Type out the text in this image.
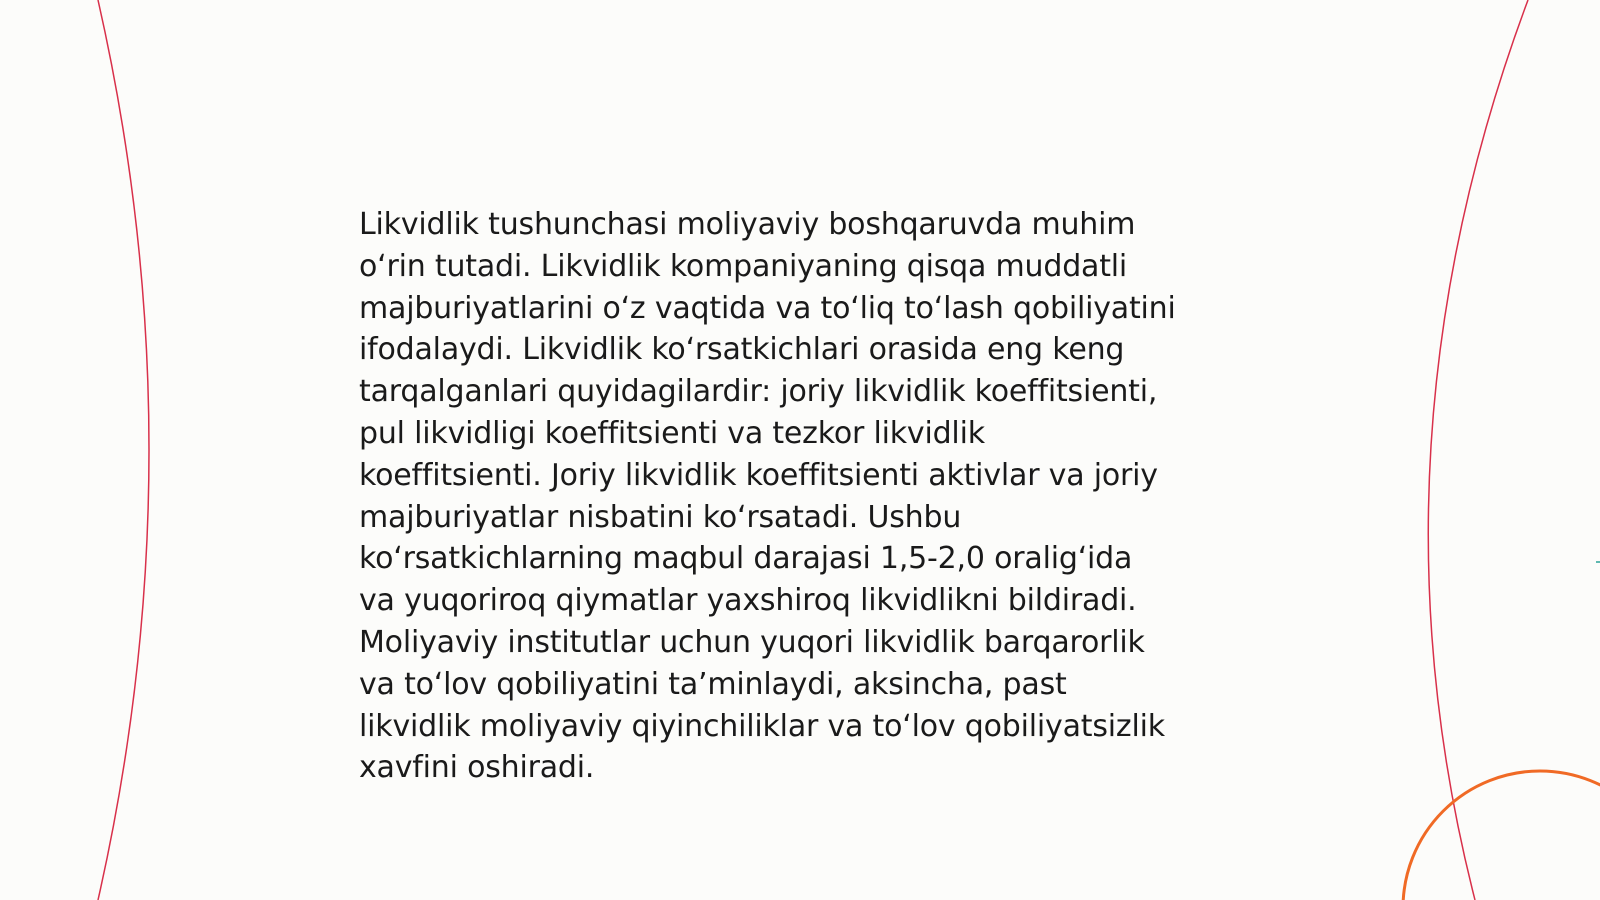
Likvidlik tushunchasi moliyaviy boshqaruvda muhim
o‘rin tutadi. Likvidlik kompaniyaning qisqa muddatli
majburiyatlarini o‘z vaqtida va to‘liq to‘lash qobiliyatini
ifodalaydi. Likvidlik ko‘rsatkichlari orasida eng keng
tarqalganlari quyidagilardir: joriy likvidlik koeffitsienti,
pul likvidligi koeffitsienti va tezkor likvidlik
koeffitsienti. Joriy likvidlik koeffitsienti aktivlar va joriy
majburiyatlar nisbatini ko‘rsatadi. Ushbu
ko‘rsatkichlarning maqbul darajasi 1,5-2,0 oralig‘ida
va yuqoriroq qiymatlar yaxshiroq likvidlikni bildiradi.
Moliyaviy institutlar uchun yuqori likvidlik barqarorlik
va to‘lov qobiliyatini ta’minlaydi, aksincha, past
likvidlik moliyaviy qiyinchiliklar va to‘lov qobiliyatsizlik
xavfini oshiradi.
